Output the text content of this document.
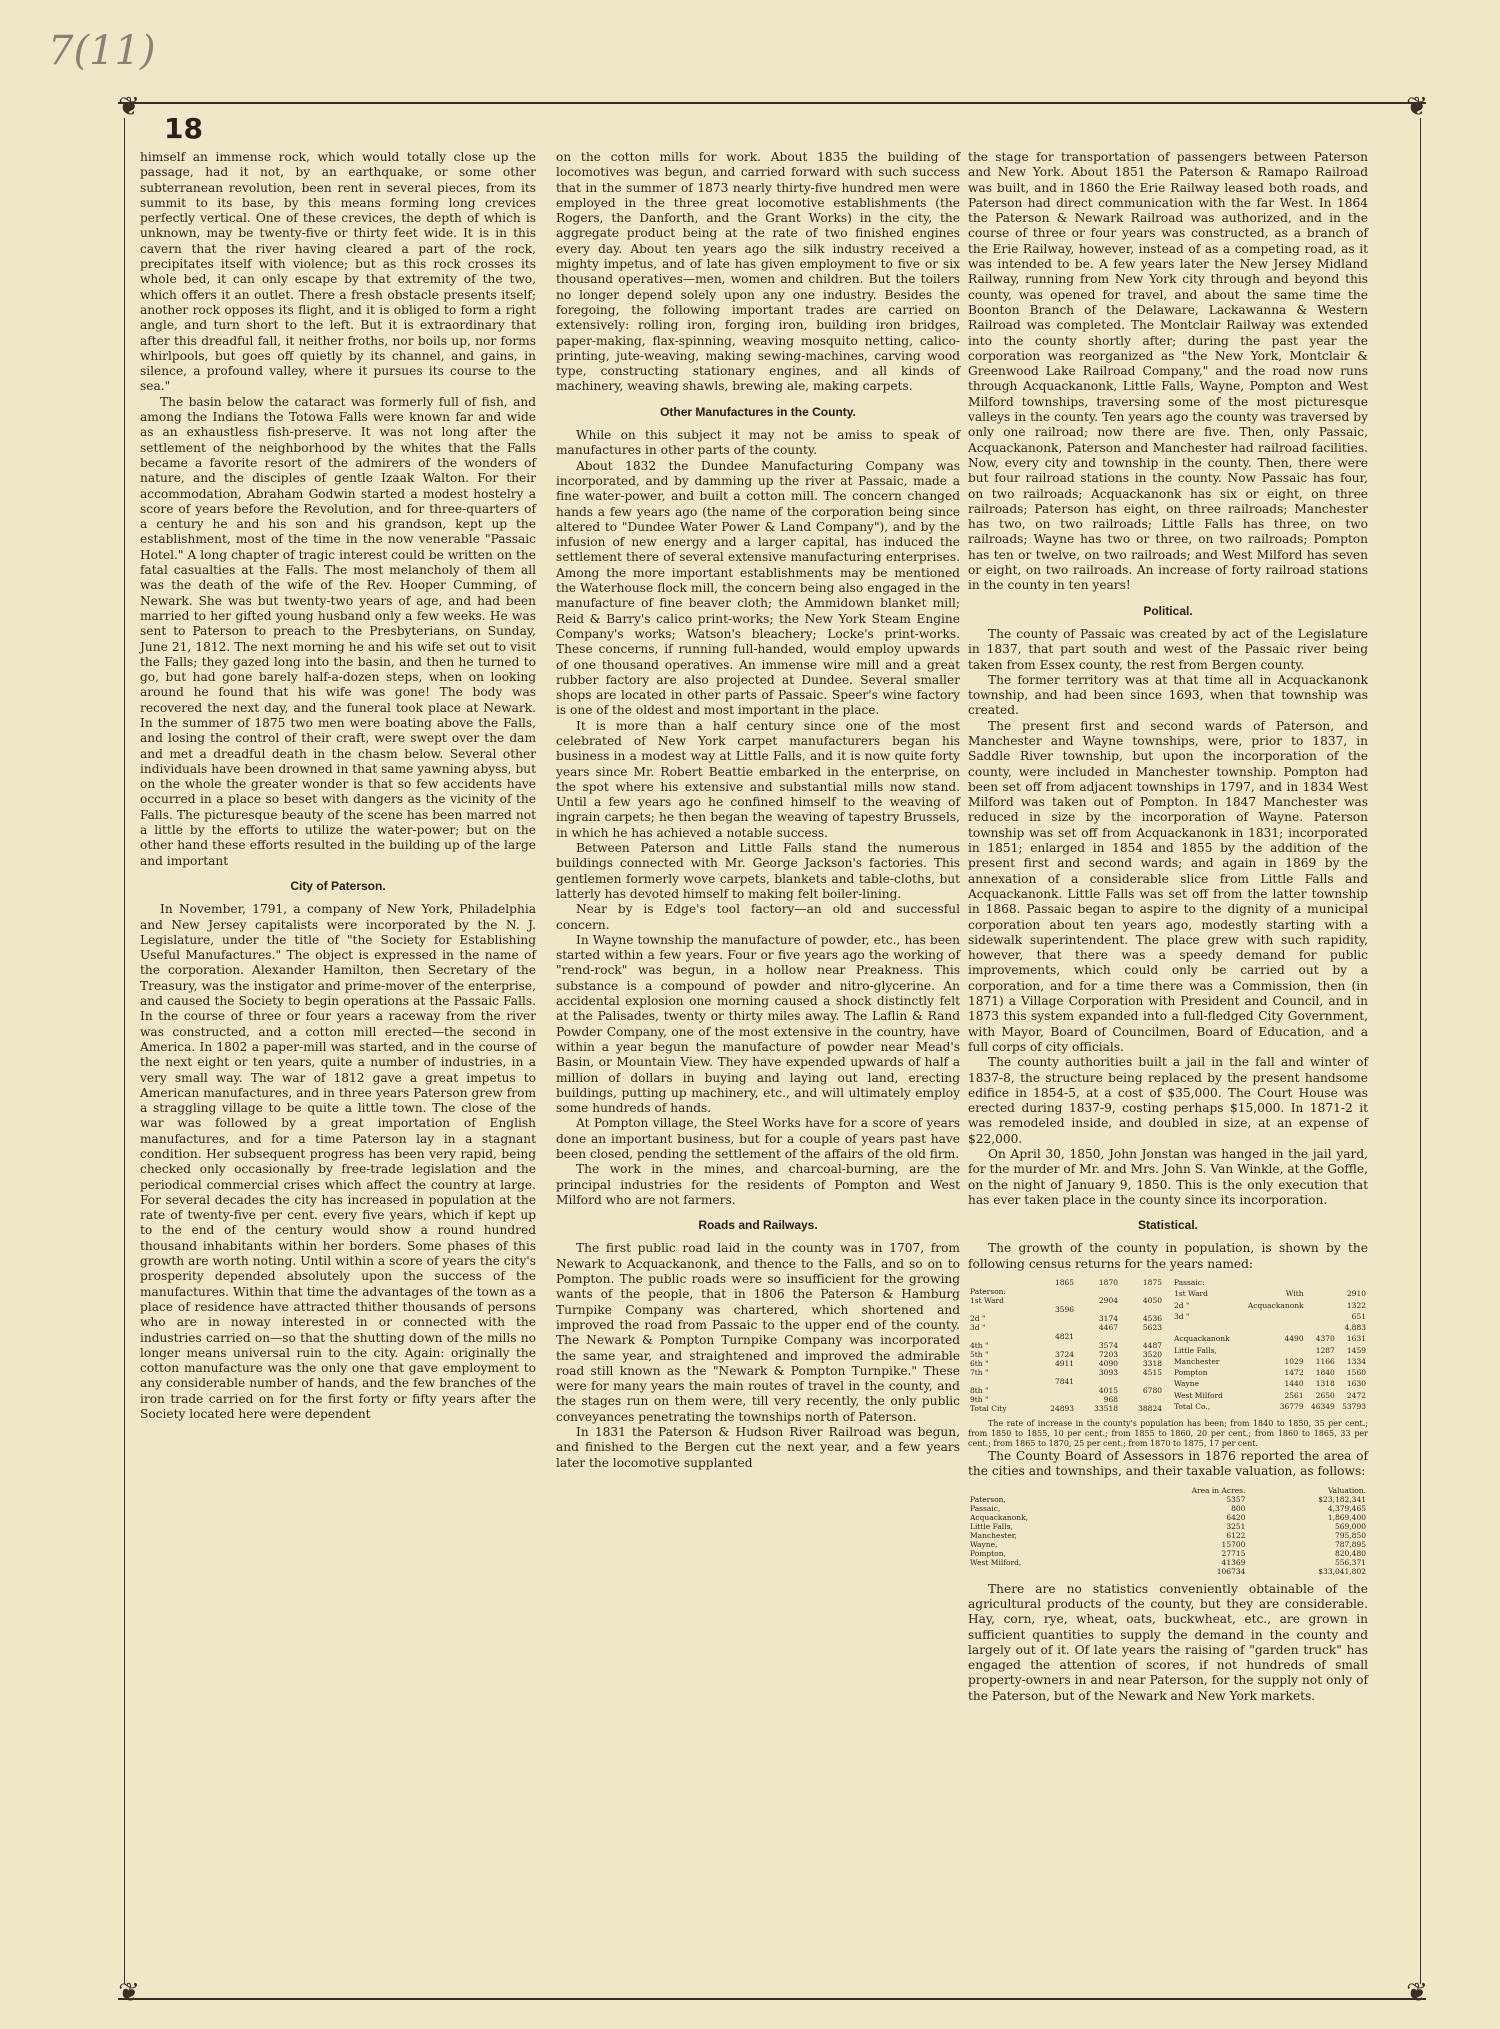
7(11)
❦	❦
❦	❦
18

himself an immense rock, which would totally close up the passage, had it not, by an earthquake, or some other subterranean revolution, been rent in several pieces, from its summit to its base, by this means forming long crevices perfectly vertical. One of these crevices, the depth of which is unknown, may be twenty-five or thirty feet wide. It is in this cavern that the river having cleared a part of the rock, precipitates itself with violence; but as this rock crosses its whole bed, it can only escape by that extremity of the two, which offers it an outlet. There a fresh obstacle presents itself; another rock opposes its flight, and it is obliged to form a right angle, and turn short to the left. But it is extraordinary that after this dreadful fall, it neither froths, nor boils up, nor forms whirlpools, but goes off quietly by its channel, and gains, in silence, a profound valley, where it pursues its course to the sea."

The basin below the cataract was formerly full of fish, and among the Indians the Totowa Falls were known far and wide as an exhaustless fish-preserve. It was not long after the settlement of the neighborhood by the whites that the Falls became a favorite resort of the admirers of the wonders of nature, and the disciples of gentle Izaak Walton. For their accommodation, Abraham Godwin started a modest hostelry a score of years before the Revolution, and for three-quarters of a century he and his son and his grandson, kept up the establishment, most of the time in the now venerable "Passaic Hotel." A long chapter of tragic interest could be written on the fatal casualties at the Falls. The most melancholy of them all was the death of the wife of the Rev. Hooper Cumming, of Newark. She was but twenty-two years of age, and had been married to her gifted young husband only a few weeks. He was sent to Paterson to preach to the Presbyterians, on Sunday, June 21, 1812. The next morning he and his wife set out to visit the Falls; they gazed long into the basin, and then he turned to go, but had gone barely half-a-dozen steps, when on looking around he found that his wife was gone! The body was recovered the next day, and the funeral took place at Newark. In the summer of 1875 two men were boating above the Falls, and losing the control of their craft, were swept over the dam and met a dreadful death in the chasm below. Several other individuals have been drowned in that same yawning abyss, but on the whole the greater wonder is that so few accidents have occurred in a place so beset with dangers as the vicinity of the Falls. The picturesque beauty of the scene has been marred not a little by the efforts to utilize the water-power; but on the other hand these efforts resulted in the building up of the large and important

City of Paterson.

In November, 1791, a company of New York, Philadelphia and New Jersey capitalists were incorporated by the N. J. Legislature, under the title of "the Society for Establishing Useful Manufactures." The object is expressed in the name of the corporation. Alexander Hamilton, then Secretary of the Treasury, was the instigator and prime-mover of the enterprise, and caused the Society to begin operations at the Passaic Falls. In the course of three or four years a raceway from the river was constructed, and a cotton mill erected—the second in America. In 1802 a paper-mill was started, and in the course of the next eight or ten years, quite a number of industries, in a very small way. The war of 1812 gave a great impetus to American manufactures, and in three years Paterson grew from a straggling village to be quite a little town. The close of the war was followed by a great importation of English manufactures, and for a time Paterson lay in a stagnant condition. Her subsequent progress has been very rapid, being checked only occasionally by free-trade legislation and the periodical commercial crises which affect the country at large. For several decades the city has increased in population at the rate of twenty-five per cent. every five years, which if kept up to the end of the century would show a round hundred thousand inhabitants within her borders. Some phases of this growth are worth noting. Until within a score of years the city's prosperity depended absolutely upon the success of the manufactures. Within that time the advantages of the town as a place of residence have attracted thither thousands of persons who are in noway interested in or connected with the industries carried on—so that the shutting down of the mills no longer means universal ruin to the city. Again: originally the cotton manufacture was the only one that gave employment to any considerable number of hands, and the few branches of the iron trade carried on for the first forty or fifty years after the Society located here were dependent

on the cotton mills for work. About 1835 the building of locomotives was begun, and carried forward with such success that in the summer of 1873 nearly thirty-five hundred men were employed in the three great locomotive establishments (the Rogers, the Danforth, and the Grant Works) in the city, the aggregate product being at the rate of two finished engines every day. About ten years ago the silk industry received a mighty impetus, and of late has given employment to five or six thousand operatives—men, women and children. But the toilers no longer depend solely upon any one industry. Besides the foregoing, the following important trades are carried on extensively: rolling iron, forging iron, building iron bridges, paper-making, flax-spinning, weaving mosquito netting, calico-printing, jute-weaving, making sewing-machines, carving wood type, constructing stationary engines, and all kinds of machinery, weaving shawls, brewing ale, making carpets.

Other Manufactures in the County.

While on this subject it may not be amiss to speak of manufactures in other parts of the county.

About 1832 the Dundee Manufacturing Company was incorporated, and by damming up the river at Passaic, made a fine water-power, and built a cotton mill. The concern changed hands a few years ago (the name of the corporation being since altered to "Dundee Water Power & Land Company"), and by the infusion of new energy and a larger capital, has induced the settlement there of several extensive manufacturing enterprises. Among the more important establishments may be mentioned the Waterhouse flock mill, the concern being also engaged in the manufacture of fine beaver cloth; the Ammidown blanket mill; Reid & Barry's calico print-works; the New York Steam Engine Company's works; Watson's bleachery; Locke's print-works. These concerns, if running full-handed, would employ upwards of one thousand operatives. An immense wire mill and a great rubber factory are also projected at Dundee. Several smaller shops are located in other parts of Passaic. Speer's wine factory is one of the oldest and most important in the place.

It is more than a half century since one of the most celebrated of New York carpet manufacturers began his business in a modest way at Little Falls, and it is now quite forty years since Mr. Robert Beattie embarked in the enterprise, on the spot where his extensive and substantial mills now stand. Until a few years ago he confined himself to the weaving of ingrain carpets; he then began the weaving of tapestry Brussels, in which he has achieved a notable success.

Between Paterson and Little Falls stand the numerous buildings connected with Mr. George Jackson's factories. This gentlemen formerly wove carpets, blankets and table-cloths, but latterly has devoted himself to making felt boiler-lining.

Near by is Edge's tool factory—an old and successful concern.

In Wayne township the manufacture of powder, etc., has been started within a few years. Four or five years ago the working of "rend-rock" was begun, in a hollow near Preakness. This substance is a compound of powder and nitro-glycerine. An accidental explosion one morning caused a shock distinctly felt at the Palisades, twenty or thirty miles away. The Laflin & Rand Powder Company, one of the most extensive in the country, have within a year begun the manufacture of powder near Mead's Basin, or Mountain View. They have expended upwards of half a million of dollars in buying and laying out land, erecting buildings, putting up machinery, etc., and will ultimately employ some hundreds of hands.

At Pompton village, the Steel Works have for a score of years done an important business, but for a couple of years past have been closed, pending the settlement of the affairs of the old firm.

The work in the mines, and charcoal-burning, are the principal industries for the residents of Pompton and West Milford who are not farmers.

Roads and Railways.

The first public road laid in the county was in 1707, from Newark to Acquackanonk, and thence to the Falls, and so on to Pompton. The public roads were so insufficient for the growing wants of the people, that in 1806 the Paterson & Hamburg Turnpike Company was chartered, which shortened and improved the road from Passaic to the upper end of the county. The Newark & Pompton Turnpike Company was incorporated the same year, and straightened and improved the admirable road still known as the "Newark & Pompton Turnpike." These were for many years the main routes of travel in the county, and the stages run on them were, till very recently, the only public conveyances penetrating the townships north of Paterson.

In 1831 the Paterson & Hudson River Railroad was begun, and finished to the Bergen cut the next year, and a few years later the locomotive supplanted

the stage for transportation of passengers between Paterson and New York. About 1851 the Paterson & Ramapo Railroad was built, and in 1860 the Erie Railway leased both roads, and Paterson had direct communication with the far West. In 1864 the Paterson & Newark Railroad was authorized, and in the course of three or four years was constructed, as a branch of the Erie Railway, however, instead of as a competing road, as it was intended to be. A few years later the New Jersey Midland Railway, running from New York city through and beyond this county, was opened for travel, and about the same time the Boonton Branch of the Delaware, Lackawanna & Western Railroad was completed. The Montclair Railway was extended into the county shortly after; during the past year the corporation was reorganized as "the New York, Montclair & Greenwood Lake Railroad Company," and the road now runs through Acquackanonk, Little Falls, Wayne, Pompton and West Milford townships, traversing some of the most picturesque valleys in the county. Ten years ago the county was traversed by only one railroad; now there are five. Then, only Passaic, Acquackanonk, Paterson and Manchester had railroad facilities. Now, every city and township in the county. Then, there were but four railroad stations in the county. Now Passaic has four, on two railroads; Acquackanonk has six or eight, on three railroads; Paterson has eight, on three railroads; Manchester has two, on two railroads; Little Falls has three, on two railroads; Wayne has two or three, on two railroads; Pompton has ten or twelve, on two railroads; and West Milford has seven or eight, on two railroads. An increase of forty railroad stations in the county in ten years!

Political.

The county of Passaic was created by act of the Legislature in 1837, that part south and west of the Passaic river being taken from Essex county, the rest from Bergen county.

The former territory was at that time all in Acquackanonk township, and had been since 1693, when that township was created.

The present first and second wards of Paterson, and Manchester and Wayne townships, were, prior to 1837, in Saddle River township, but upon the incorporation of the county, were included in Manchester township. Pompton had been set off from adjacent townships in 1797, and in 1834 West Milford was taken out of Pompton. In 1847 Manchester was reduced in size by the incorporation of Wayne. Paterson township was set off from Acquackanonk in 1831; incorporated in 1851; enlarged in 1854 and 1855 by the addition of the present first and second wards; and again in 1869 by the annexation of a considerable slice from Little Falls and Acquackanonk. Little Falls was set off from the latter township in 1868. Passaic began to aspire to the dignity of a municipal corporation about ten years ago, modestly starting with a sidewalk superintendent. The place grew with such rapidity, however, that there was a speedy demand for public improvements, which could only be carried out by a corporation, and for a time there was a Commission, then (in 1871) a Village Corporation with President and Council, and in 1873 this system expanded into a full-fledged City Government, with Mayor, Board of Councilmen, Board of Education, and a full corps of city officials.

The county authorities built a jail in the fall and winter of 1837-8, the structure being replaced by the present handsome edifice in 1854-5, at a cost of $35,000. The Court House was erected during 1837-9, costing perhaps $15,000. In 1871-2 it was remodeled inside, and doubled in size, at an expense of $22,000.

On April 30, 1850, John Jonstan was hanged in the jail yard, for the murder of Mr. and Mrs. John S. Van Winkle, at the Goffle, on the night of January 9, 1850. This is the only execution that has ever taken place in the county since its incorporation.

Statistical.

The growth of the county in population, is shown by the following census returns for the years named:

	1865	1870	1875
Paterson:			
1st Ward		2904	4050
	3596		
2d "		3174	4536
3d "		4467	5623
	4821		
4th "		3574	4487
5th "	3724	7203	3520
6th "	4911	4090	3318
7th "		3093	4515
	7841		
8th "		4015	6780
9th "		968	
Total City	24893	33518	38824
Passaic:			
1st Ward	With		2910
2d "	Acquackanonk		1322
3d "			651
			4,883
Acquackanonk	4490	4370	1631
Little Falls,		1287	1459
Manchester	1029	1166	1334
Pompton	1472	1840	1560
Wayne	1440	1318	1630
West Milford	2561	2650	2472
Total Co.,	36779	46349	53793

The rate of increase in the county's population has been; from 1840 to 1850, 35 per cent.; from 1850 to 1855, 10 per cent.; from 1855 to 1860, 20 per cent.; from 1860 to 1865, 33 per cent.; from 1865 to 1870, 25 per cent.; from 1870 to 1875, 17 per cent.

The County Board of Assessors in 1876 reported the area of the cities and townships, and their taxable valuation, as follows:

	Area in Acres.	Valuation.
Paterson,	5357	$23,182,341
Passaic,	800	4,379,465
Acquackanonk,	6420	1,869,400
Little Falls,	3251	569,000
Manchester,	6122	795,850
Wayne,	15700	787,895
Pompton,	27715	820,480
West Milford,	41369	556,371
	106734	$33,041,802

There are no statistics conveniently obtainable of the agricultural products of the county, but they are considerable. Hay, corn, rye, wheat, oats, buckwheat, etc., are grown in sufficient quantities to supply the demand in the county and largely out of it. Of late years the raising of "garden truck" has engaged the attention of scores, if not hundreds of small property-owners in and near Paterson, for the supply not only of the Paterson, but of the Newark and New York markets.
